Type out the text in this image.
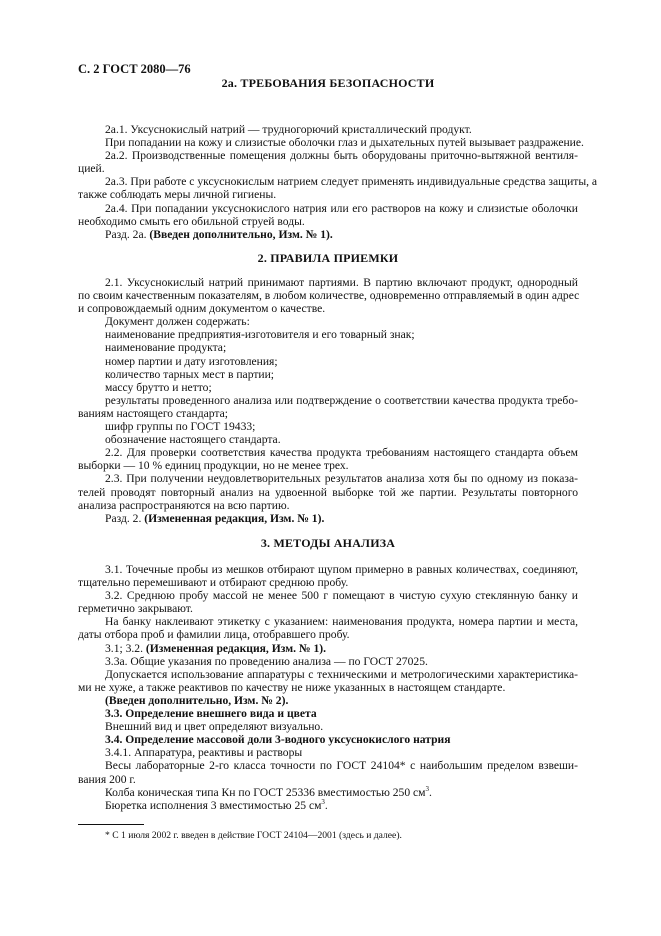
С. 2 ГОСТ 2080—76
2а. ТРЕБОВАНИЯ БЕЗОПАСНОСТИ
2а.1. Уксуснокислый натрий — трудногорючий кристаллический продукт.
При попадании на кожу и слизистые оболочки глаз и дыхательных путей вызывает раздражение.
2а.2. Производственные помещения должны быть оборудованы приточно-вытяжной вентиля-
цией.
2а.3. При работе с уксуснокислым натрием следует применять индивидуальные средства защиты, а
также соблюдать меры личной гигиены.
2а.4. При попадании уксуснокислого натрия или его растворов на кожу и слизистые оболочки
необходимо смыть его обильной струей воды.
Разд. 2а. (Введен дополнительно, Изм. № 1).
2. ПРАВИЛА ПРИЕМКИ
2.1. Уксуснокислый натрий принимают партиями. В партию включают продукт, однородный
по своим качественным показателям, в любом количестве, одновременно отправляемый в один адрес
и сопровождаемый одним документом о качестве.
Документ должен содержать:
наименование предприятия-изготовителя и его товарный знак;
наименование продукта;
номер партии и дату изготовления;
количество тарных мест в партии;
массу брутто и нетто;
результаты проведенного анализа или подтверждение о соответствии качества продукта требо-
ваниям настоящего стандарта;
шифр группы по ГОСТ 19433;
обозначение настоящего стандарта.
2.2. Для проверки соответствия качества продукта требованиям настоящего стандарта объем
выборки — 10 % единиц продукции, но не менее трех.
2.3. При получении неудовлетворительных результатов анализа хотя бы по одному из показа-
телей проводят повторный анализ на удвоенной выборке той же партии. Результаты повторного
анализа распространяются на всю партию.
Разд. 2. (Измененная редакция, Изм. № 1).
3. МЕТОДЫ АНАЛИЗА
3.1. Точечные пробы из мешков отбирают щупом примерно в равных количествах, соединяют,
тщательно перемешивают и отбирают среднюю пробу.
3.2. Среднюю пробу массой не менее 500 г помещают в чистую сухую стеклянную банку и
герметично закрывают.
На банку наклеивают этикетку с указанием: наименования продукта, номера партии и места,
даты отбора проб и фамилии лица, отобравшего пробу.
3.1; 3.2. (Измененная редакция, Изм. № 1).
3.3а. Общие указания по проведению анализа — по ГОСТ 27025.
Допускается использование аппаратуры с техническими и метрологическими характеристика-
ми не хуже, а также реактивов по качеству не ниже указанных в настоящем стандарте.
(Введен дополнительно, Изм. № 2).
3.3. Определение внешнего вида и цвета
Внешний вид и цвет определяют визуально.
3.4. Определение массовой доли 3-водного уксуснокислого натрия
3.4.1. Аппаратура, реактивы и растворы
Весы лабораторные 2-го класса точности по ГОСТ 24104* с наибольшим пределом взвеши-
вания 200 г.
Колба коническая типа Кн по ГОСТ 25336 вместимостью 250 $см^3$.
Бюретка исполнения 3 вместимостью 25 $см^3$.
* С 1 июля 2002 г. введен в действие ГОСТ 24104—2001 (здесь и далее).
